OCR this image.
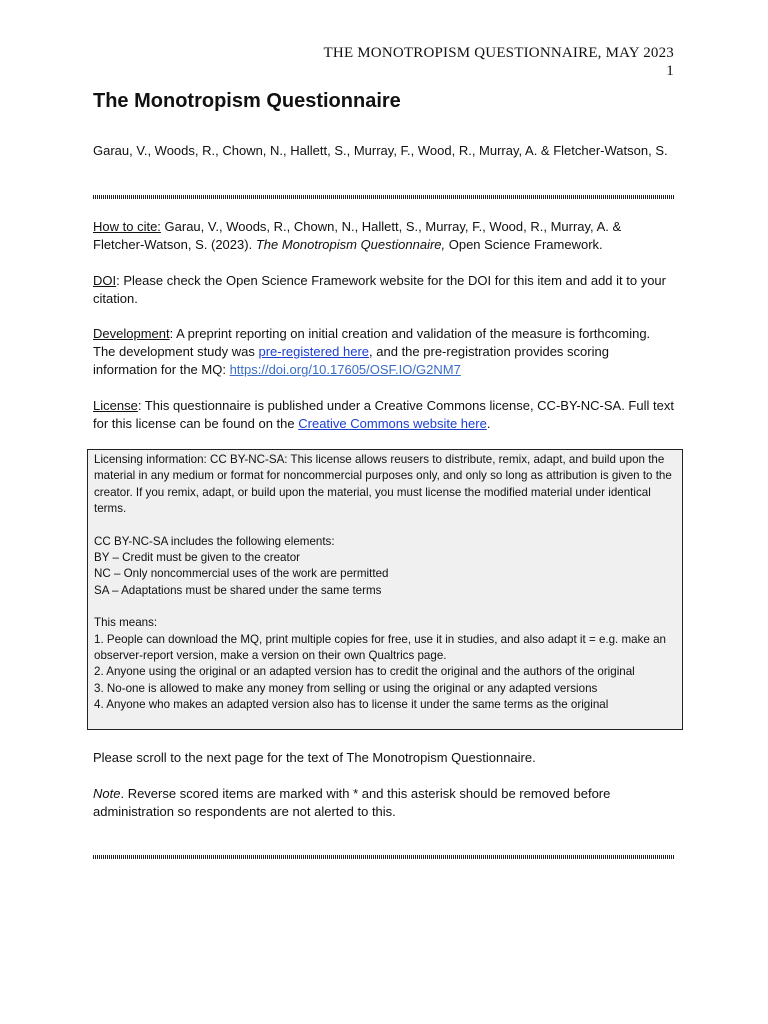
THE MONOTROPISM QUESTIONNAIRE, MAY 2023
1
The Monotropism Questionnaire
Garau, V., Woods, R., Chown, N., Hallett, S., Murray, F., Wood, R., Murray, A. & Fletcher-Watson, S.

How to cite: Garau, V., Woods, R., Chown, N., Hallett, S., Murray, F., Wood, R., Murray, A. & Fletcher-Watson, S. (2023). The Monotropism Questionnaire, Open Science Framework.

DOI: Please check the Open Science Framework website for the DOI for this item and add it to your citation.

Development: A preprint reporting on initial creation and validation of the measure is forthcoming. The development study was pre-registered here, and the pre-registration provides scoring information for the MQ: https://doi.org/10.17605/OSF.IO/G2NM7

License: This questionnaire is published under a Creative Commons license, CC-BY-NC-SA. Full text for this license can be found on the Creative Commons website here.

Licensing information: CC BY-NC-SA: This license allows reusers to distribute, remix, adapt, and build upon the material in any medium or format for noncommercial purposes only, and only so long as attribution is given to the creator. If you remix, adapt, or build upon the material, you must license the modified material under identical terms.

CC BY-NC-SA includes the following elements:

BY – Credit must be given to the creator

NC – Only noncommercial uses of the work are permitted

SA – Adaptations must be shared under the same terms

This means:

1. People can download the MQ, print multiple copies for free, use it in studies, and also adapt it = e.g. make an observer-report version, make a version on their own Qualtrics page.

2. Anyone using the original or an adapted version has to credit the original and the authors of the original

3. No-one is allowed to make any money from selling or using the original or any adapted versions

4. Anyone who makes an adapted version also has to license it under the same terms as the original

Please scroll to the next page for the text of The Monotropism Questionnaire.

Note. Reverse scored items are marked with * and this asterisk should be removed before administration so respondents are not alerted to this.
